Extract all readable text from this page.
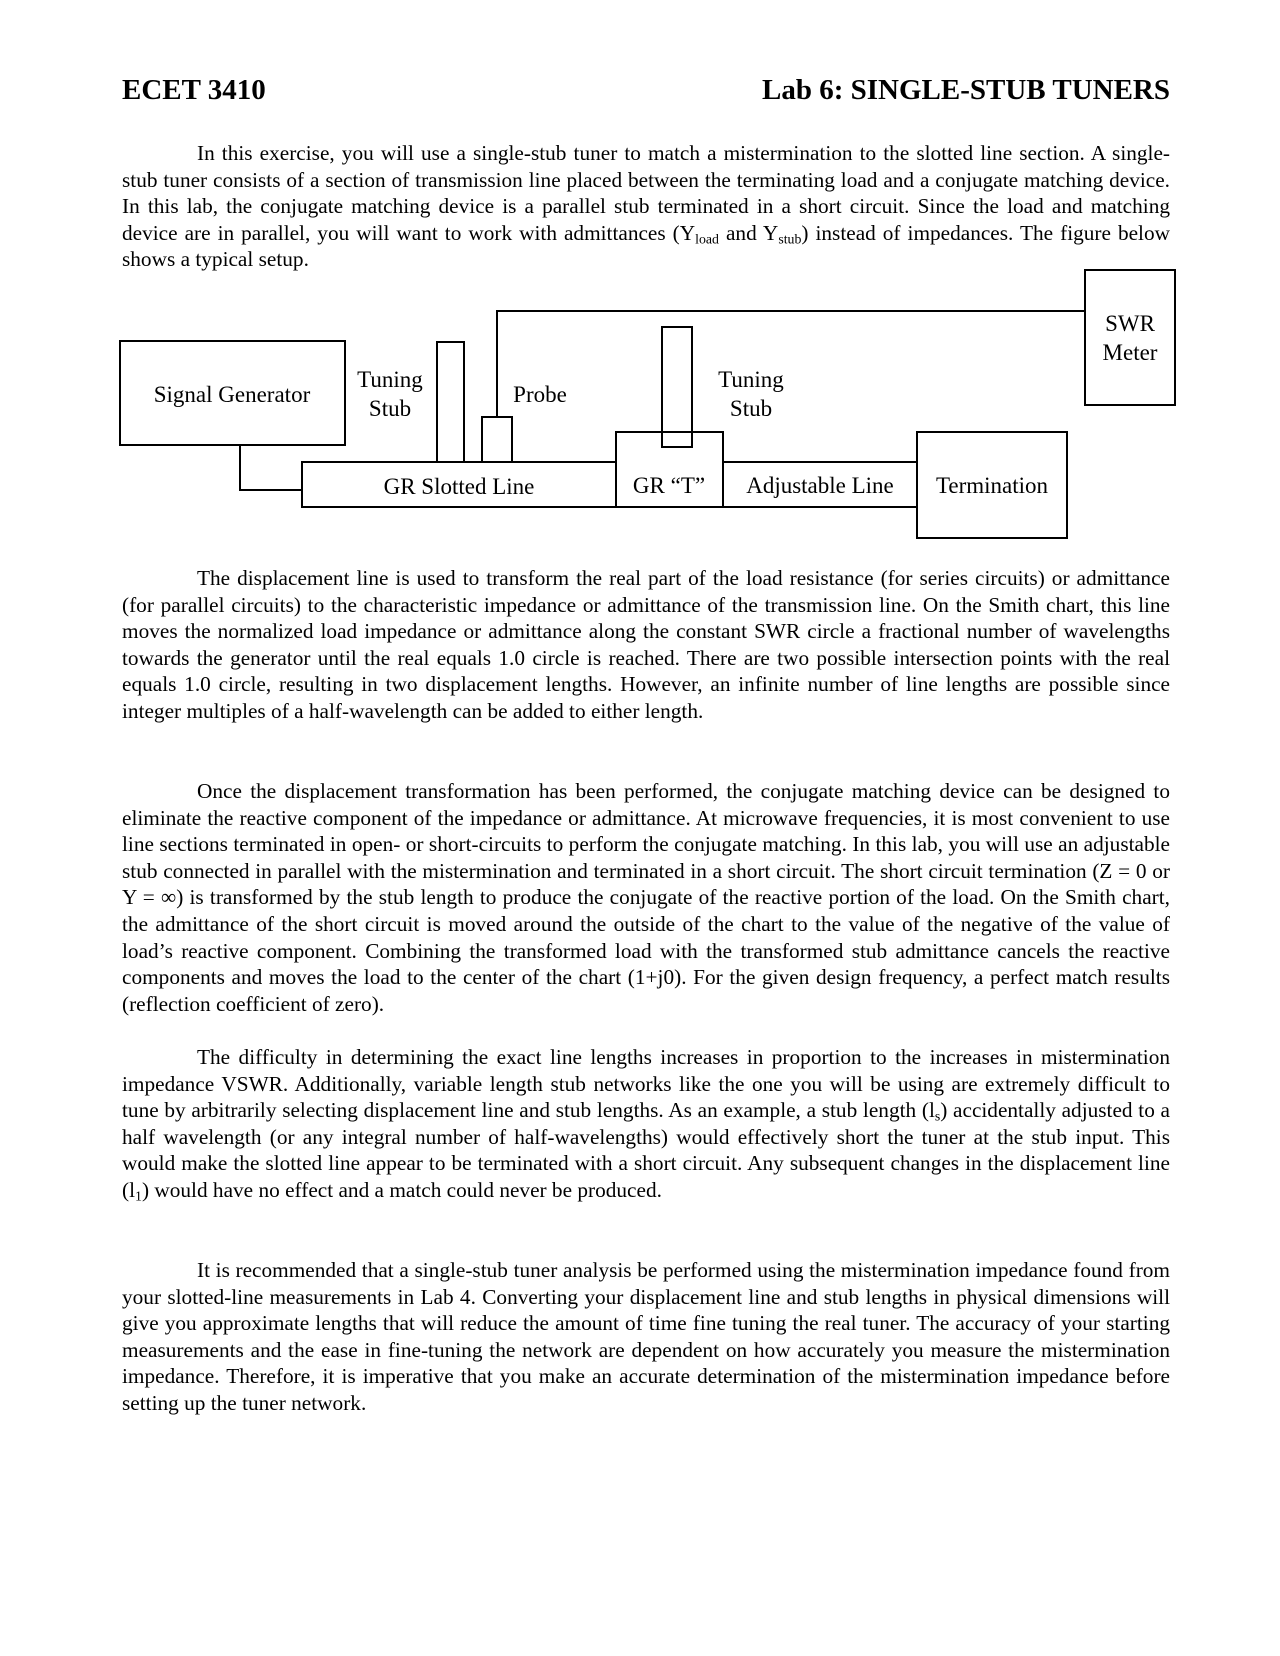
ECET 3410	Lab 6: SINGLE-STUB TUNERS

In this exercise, you will use a single-stub tuner to match a mistermination to the slotted line section. A single-stub tuner consists of a section of transmission line placed between the terminating load and a conjugate matching device. In this lab, the conjugate matching device is a parallel stub terminated in a short circuit. Since the load and matching device are in parallel, you will want to work with admittances ($Y_{load}$ and $Y_{stub}$) instead of impedances. The figure below shows a typical setup.

Signal Generator
Tuning
Stub
Probe
Tuning
Stub
SWR
Meter
GR Slotted Line	GR “T” Adjustable Line Termination

The displacement line is used to transform the real part of the load resistance (for series circuits) or admittance (for parallel circuits) to the characteristic impedance or admittance of the transmission line. On the Smith chart, this line moves the normalized load impedance or admittance along the constant SWR circle a fractional number of wavelengths towards the generator until the real equals 1.0 circle is reached. There are two possible intersection points with the real equals 1.0 circle, resulting in two displacement lengths. However, an infinite number of line lengths are possible since integer multiples of a half-wavelength can be added to either length.

Once the displacement transformation has been performed, the conjugate matching device can be designed to eliminate the reactive component of the impedance or admittance. At microwave frequencies, it is most convenient to use line sections terminated in open- or short-circuits to perform the conjugate matching. In this lab, you will use an adjustable stub connected in parallel with the mistermination and terminated in a short circuit. The short circuit termination (Z = 0 or Y = ∞) is transformed by the stub length to produce the conjugate of the reactive portion of the load. On the Smith chart, the admittance of the short circuit is moved around the outside of the chart to the value of the negative of the value of load’s reactive component. Combining the transformed load with the transformed stub admittance cancels the reactive components and moves the load to the center of the chart (1+j0). For the given design frequency, a perfect match results (reflection coefficient of zero).

The difficulty in determining the exact line lengths increases in proportion to the increases in mistermination impedance VSWR. Additionally, variable length stub networks like the one you will be using are extremely difficult to tune by arbitrarily selecting displacement line and stub lengths. As an example, a stub length $(l_s)$ accidentally adjusted to a half wavelength (or any integral number of half-wavelengths) would effectively short the tuner at the stub input. This would make the slotted line appear to be terminated with a short circuit. Any subsequent changes in the displacement line $(l_1)$ would have no effect and a match could never be produced.

It is recommended that a single-stub tuner analysis be performed using the mistermination impedance found from your slotted-line measurements in Lab 4. Converting your displacement line and stub lengths in physical dimensions will give you approximate lengths that will reduce the amount of time fine tuning the real tuner. The accuracy of your starting measurements and the ease in fine-tuning the network are dependent on how accurately you measure the mistermination impedance. Therefore, it is imperative that you make an accurate determination of the mistermination impedance before setting up the tuner network.
